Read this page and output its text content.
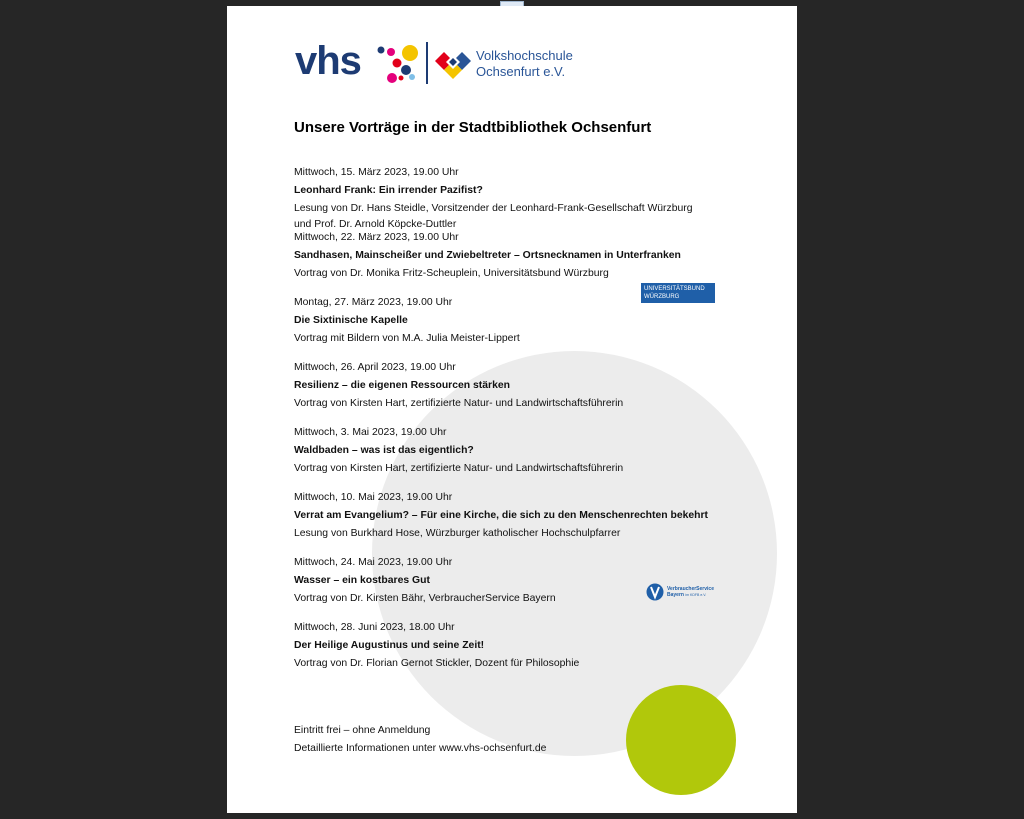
vhs	Volkshochschule
Ochsenfurt e.V.
Unsere Vorträge in der Stadtbibliothek Ochsenfurt
Mittwoch, 15. März 2023, 19.00 Uhr
Leonhard Frank: Ein irrender Pazifist?
Lesung von Dr. Hans Steidle, Vorsitzender der Leonhard-Frank-Gesellschaft Würzburg
und Prof. Dr. Arnold Köpcke-Duttler
Mittwoch, 22. März 2023, 19.00 Uhr
Sandhasen, Mainscheißer und Zwiebeltreter – Ortsnecknamen in Unterfranken
Vortrag von Dr. Monika Fritz-Scheuplein, Universitätsbund Würzburg
Montag, 27. März 2023, 19.00 Uhr
Die Sixtinische Kapelle
Vortrag mit Bildern von M.A. Julia Meister-Lippert
Mittwoch, 26. April 2023, 19.00 Uhr
Resilienz – die eigenen Ressourcen stärken
Vortrag von Kirsten Hart, zertifizierte Natur- und Landwirtschaftsführerin
Mittwoch, 3. Mai 2023, 19.00 Uhr
Waldbaden – was ist das eigentlich?
Vortrag von Kirsten Hart, zertifizierte Natur- und Landwirtschaftsführerin
Mittwoch, 10. Mai 2023, 19.00 Uhr
Verrat am Evangelium? – Für eine Kirche, die sich zu den Menschenrechten bekehrt
Lesung von Burkhard Hose, Würzburger katholischer Hochschulpfarrer
Mittwoch, 24. Mai 2023, 19.00 Uhr
Wasser – ein kostbares Gut
Vortrag von Dr. Kirsten Bähr, VerbraucherService Bayern
Mittwoch, 28. Juni 2023, 18.00 Uhr
Der Heilige Augustinus und seine Zeit!
Vortrag von Dr. Florian Gernot Stickler, Dozent für Philosophie
UNIVERSITÄTSBUND
WÜRZBURG
VerbraucherService
Bayern im KDFB e.V.
Eintritt frei – ohne Anmeldung
Detaillierte Informationen unter www.vhs-ochsenfurt.de
